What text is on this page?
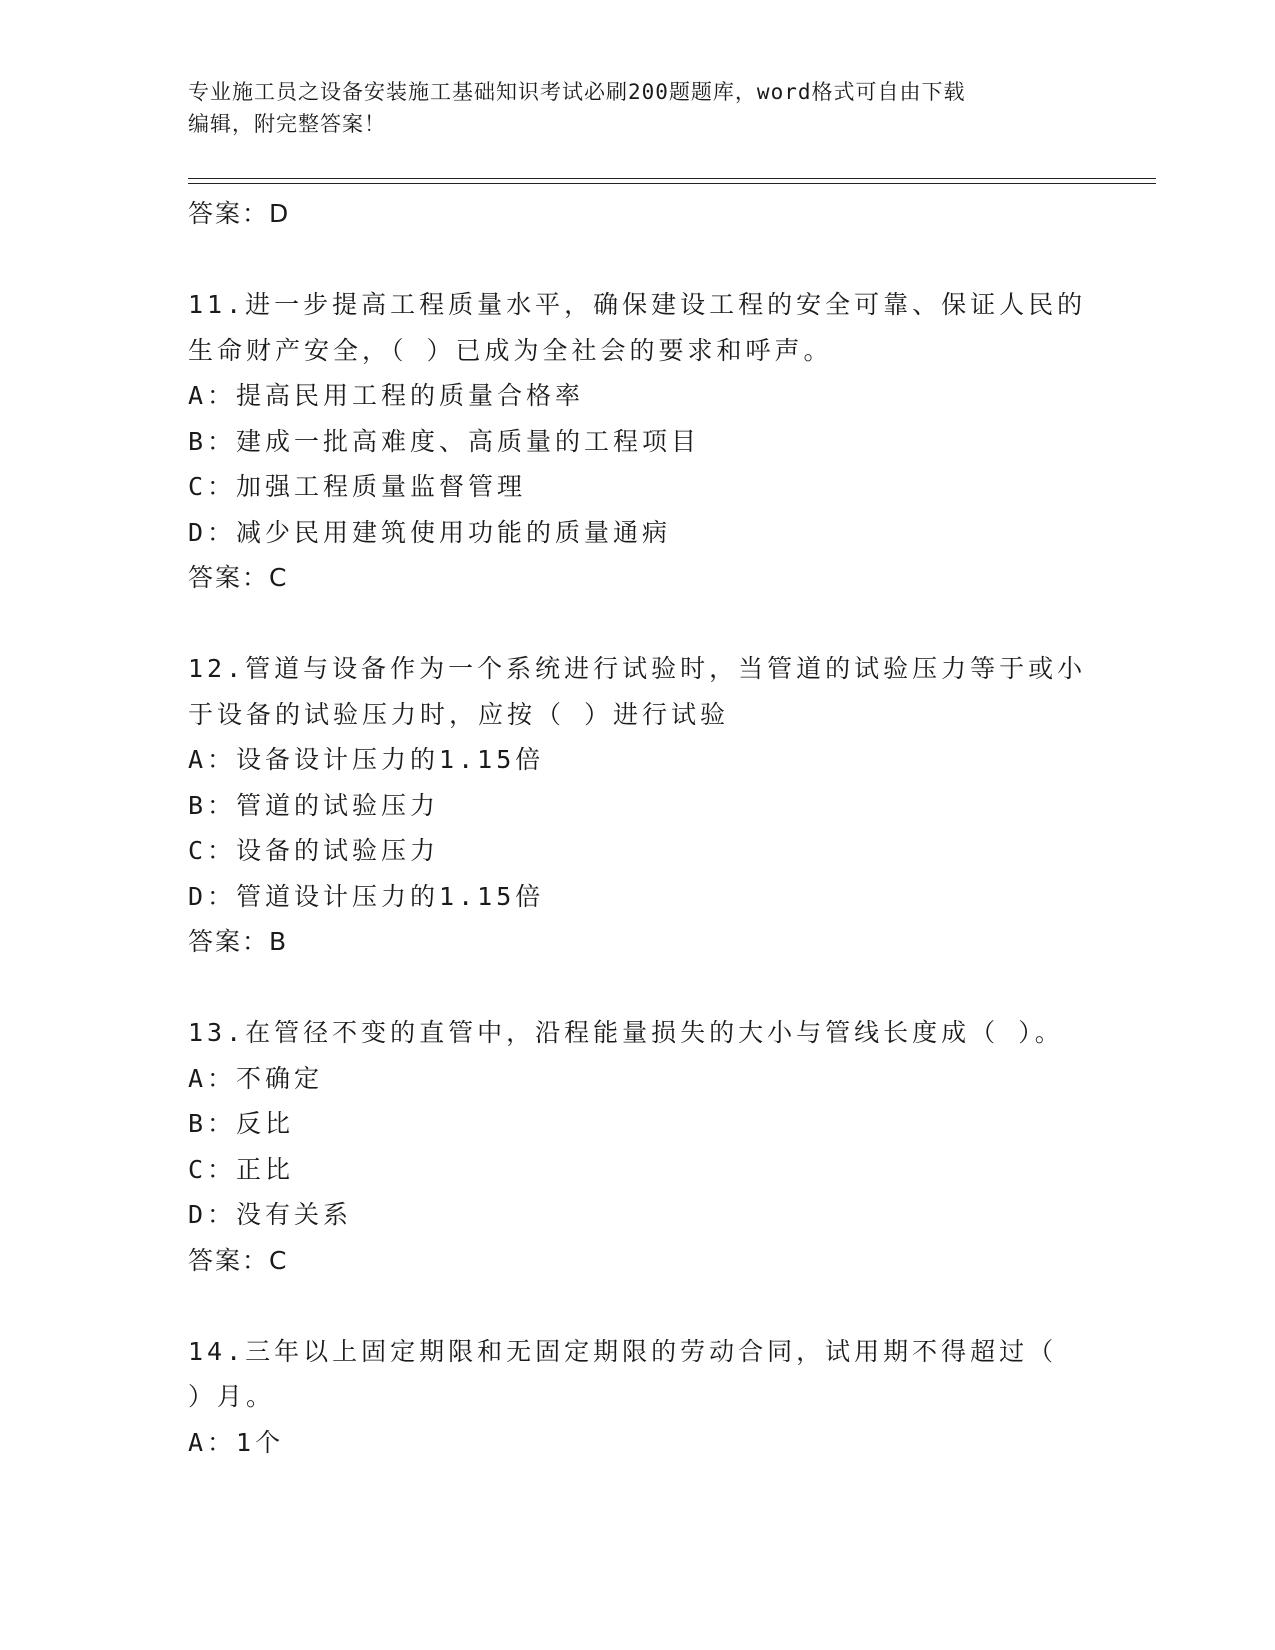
专业施工员之设备安装施工基础知识考试必刷200题题库，word格式可自由下载
编辑，附完整答案！
答案：D
11.进一步提高工程质量水平，确保建设工程的安全可靠、保证人民的
生命财产安全，（ ）已成为全社会的要求和呼声。
A：提高民用工程的质量合格率
B：建成一批高难度、高质量的工程项目
C：加强工程质量监督管理
D：减少民用建筑使用功能的质量通病
答案：C
12.管道与设备作为一个系统进行试验时，当管道的试验压力等于或小
于设备的试验压力时，应按（ ）进行试验
A：设备设计压力的1.15倍
B：管道的试验压力
C：设备的试验压力
D：管道设计压力的1.15倍
答案：B
13.在管径不变的直管中，沿程能量损失的大小与管线长度成（ ）。
A：不确定
B：反比
C：正比
D：没有关系
答案：C
14.三年以上固定期限和无固定期限的劳动合同，试用期不得超过（
）月。
A：1个
